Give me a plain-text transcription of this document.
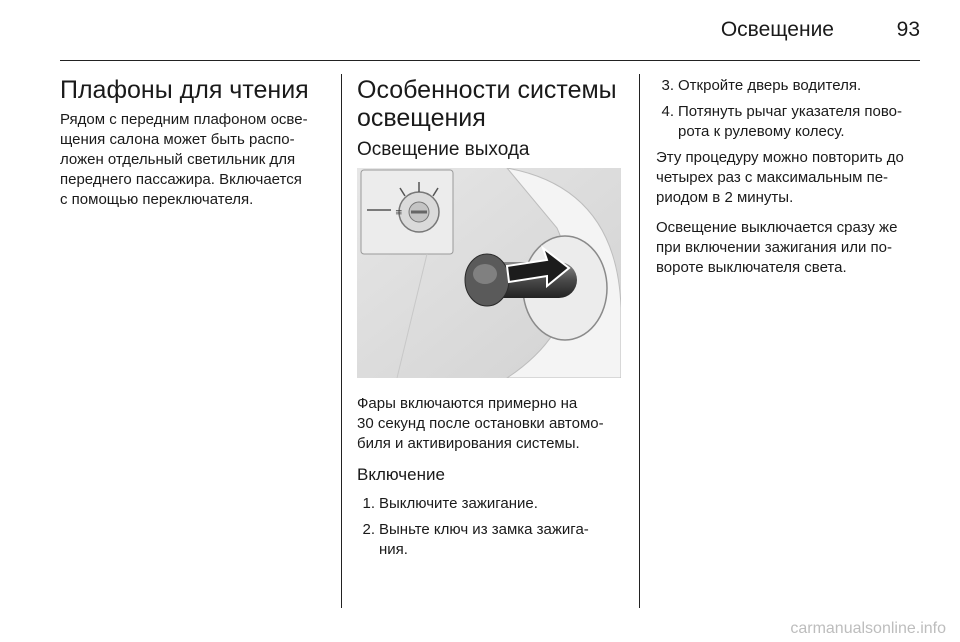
Освещение	93
Плафоны для чтения

Рядом с передним плафоном осве-
щения салона может быть распо-
ложен отдельный светильник для
переднего пассажира. Включается
с помощью переключателя.

Особенности системы
освещения
Освещение выхода
≡

Фары включаются примерно на
30 секунд после остановки автомо-
биля и активирования системы.

Включение
1. Выключите зажигание.
2. Выньте ключ из замка зажига-
ния.
3. Откройте дверь водителя.
4. Потянуть рычаг указателя пово-
рота к рулевому колесу.

Эту процедуру можно повторить до
четырех раз с максимальным пе-
риодом в 2 минуты.

Освещение выключается сразу же
при включении зажигания или по-
вороте выключателя света.

carmanualsonline.info
